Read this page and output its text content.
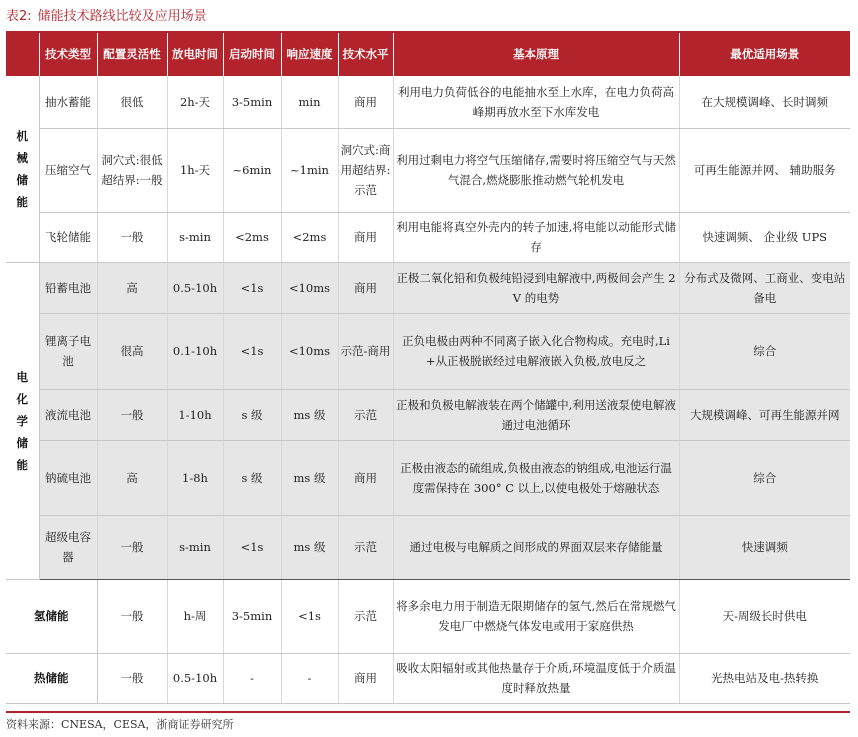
表2: 储能技术路线比较及应用场景
	技术类型	配置灵活性	放电时间	启动时间	响应速度	技术水平	基本原理	最优适用场景
机械储能	抽水蓄能	很低	2h-天	3-5min	min	商用	利用电力负荷低谷的电能抽水至上水库，在电力负荷高峰期再放水至下水库发电	在大规模调峰、长时调频
	压缩空气	洞穴式:很低超结界:一般	1h-天	~6min	~1min	洞穴式:商用超结界:示范	利用过剩电力将空气压缩储存,需要时将压缩空气与天然气混合,燃烧膨胀推动燃气轮机发电	可再生能源并网、 辅助服务
	飞轮储能	一般	s-min	<2ms	<2ms	商用	利用电能将真空外壳内的转子加速,将电能以动能形式储存	快速调频、 企业级 UPS
电化学储能	铅蓄电池	高	0.5-10h	<1s	<10ms	商用	正极二氧化铅和负极纯铅浸到电解液中,两极间会产生 2V 的电势	分布式及微网、工商业、变电站备电
	锂离子电池	很高	0.1-10h	<1s	<10ms	示范-商用	正负电极由两种不同离子嵌入化合物构成。充电时,Li+从正极脱嵌经过电解液嵌入负极,放电反之	综合
	液流电池	一般	1-10h	s 级	ms 级	示范	正极和负极电解液装在两个储罐中,利用送液泵使电解液通过电池循环	大规模调峰、可再生能源并网
	钠硫电池	高	1-8h	s 级	ms 级	商用	正极由液态的硫组成,负极由液态的钠组成,电池运行温度需保持在 300° C 以上,以使电极处于熔融状态	综合
	超级电容器	一般	s-min	<1s	ms 级	示范	通过电极与电解质之间形成的界面双层来存储能量	快速调频
氢储能		一般	h-周	3-5min	<1s	示范	将多余电力用于制造无限期储存的氢气,然后在常规燃气发电厂中燃烧气体发电或用于家庭供热	天-周级长时供电
热储能		一般	0.5-10h	-	-	商用	吸收太阳辐射或其他热量存于介质,环境温度低于介质温度时释放热量	光热电站及电-热转换
资料来源：CNESA，CESA，浙商证券研究所
